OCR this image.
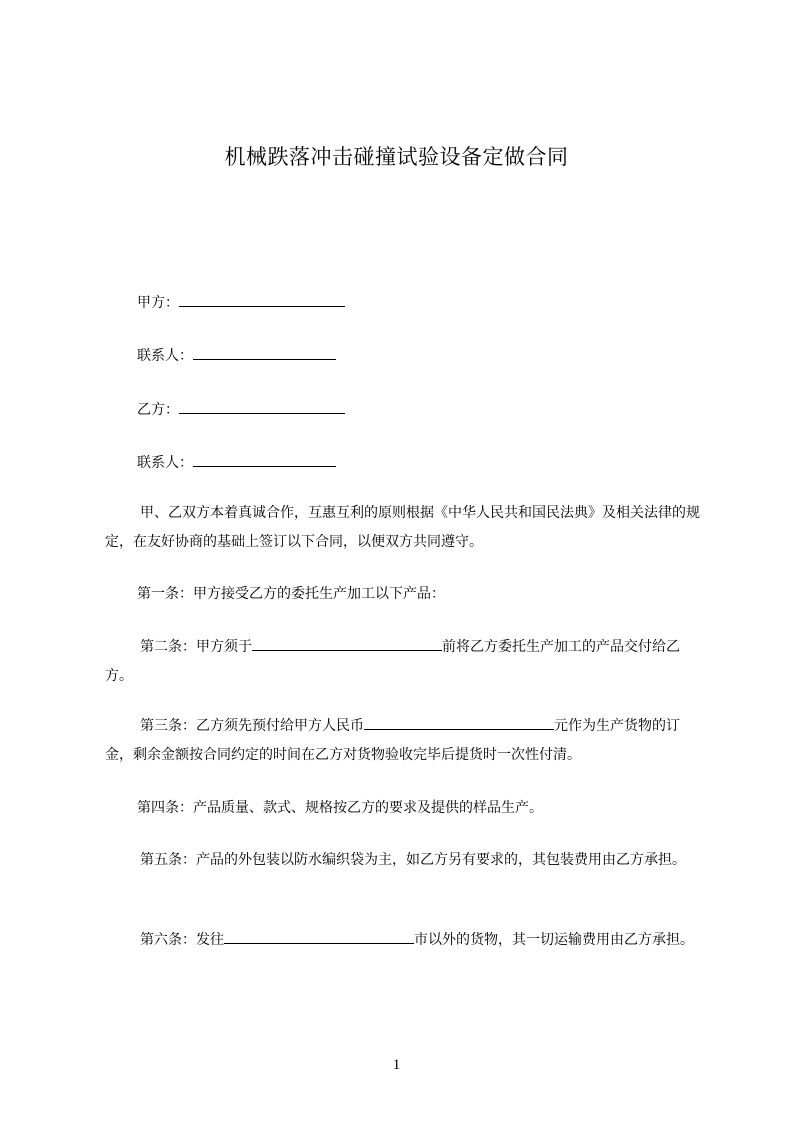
机械跌落冲击碰撞试验设备定做合同
甲方：
联系人：
乙方：
联系人：
甲、乙双方本着真诚合作，互惠互利的原则根据《中华人民共和国民法典》及相关法律的规定，在友好协商的基础上签订以下合同，以便双方共同遵守。
第一条：甲方接受乙方的委托生产加工以下产品：
第二条：甲方须于	前将乙方委托生产加工的产品交付给乙方。
第三条：乙方须先预付给甲方人民币	元作为生产货物的订金，剩余金额按合同约定的时间在乙方对货物验收完毕后提货时一次性付清。
第四条：产品质量、款式、规格按乙方的要求及提供的样品生产。
第五条：产品的外包装以防水编织袋为主，如乙方另有要求的，其包装费用由乙方承担。
第六条：发往	市以外的货物，其一切运输费用由乙方承担。
1
